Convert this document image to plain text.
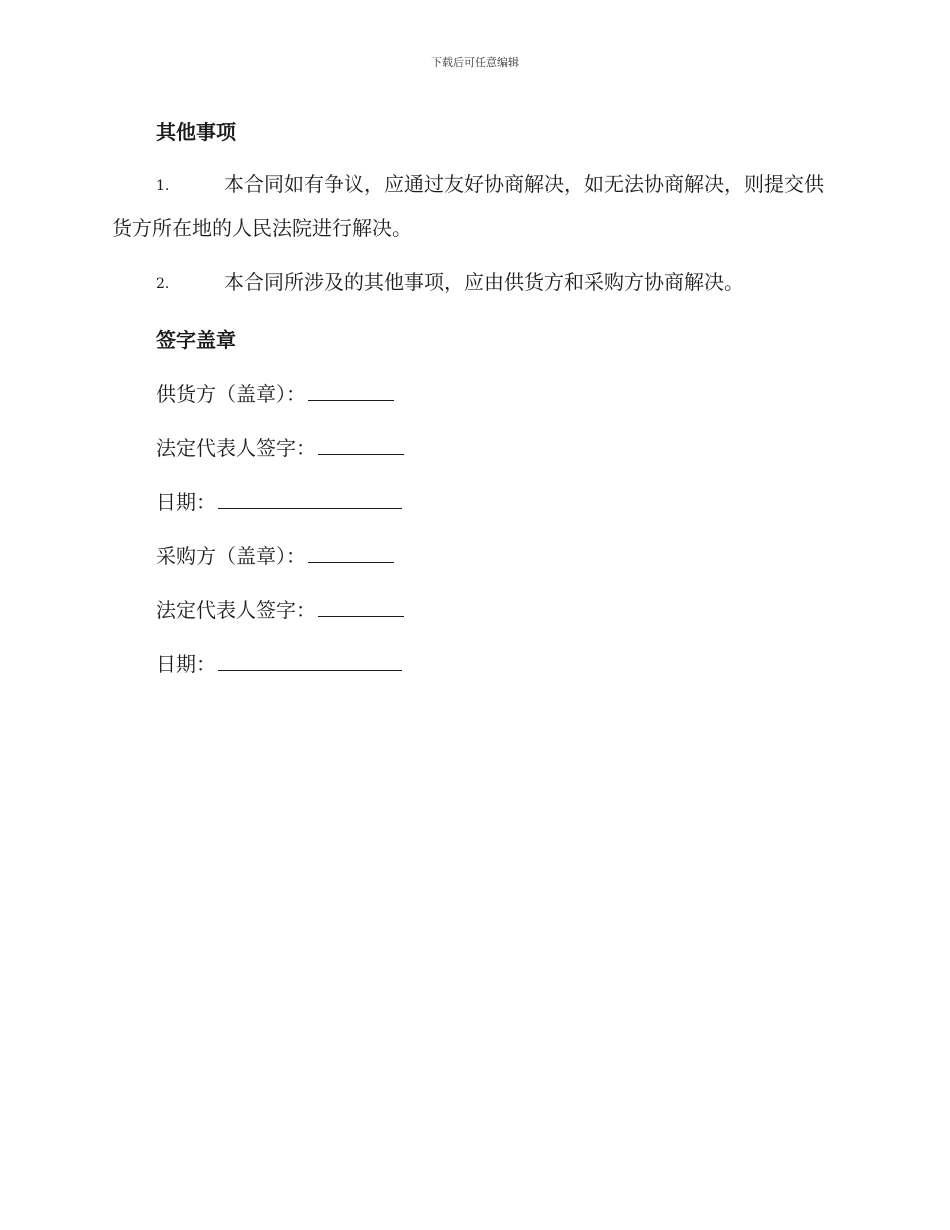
下载后可任意编辑
其他事项
1.	本合同如有争议，应通过友好协商解决，如无法协商解决，则提交供货方所在地的人民法院进行解决。
2.	本合同所涉及的其他事项，应由供货方和采购方协商解决。
签字盖章
供货方（盖章）：
法定代表人签字：
日期：
采购方（盖章）：
法定代表人签字：
日期：
